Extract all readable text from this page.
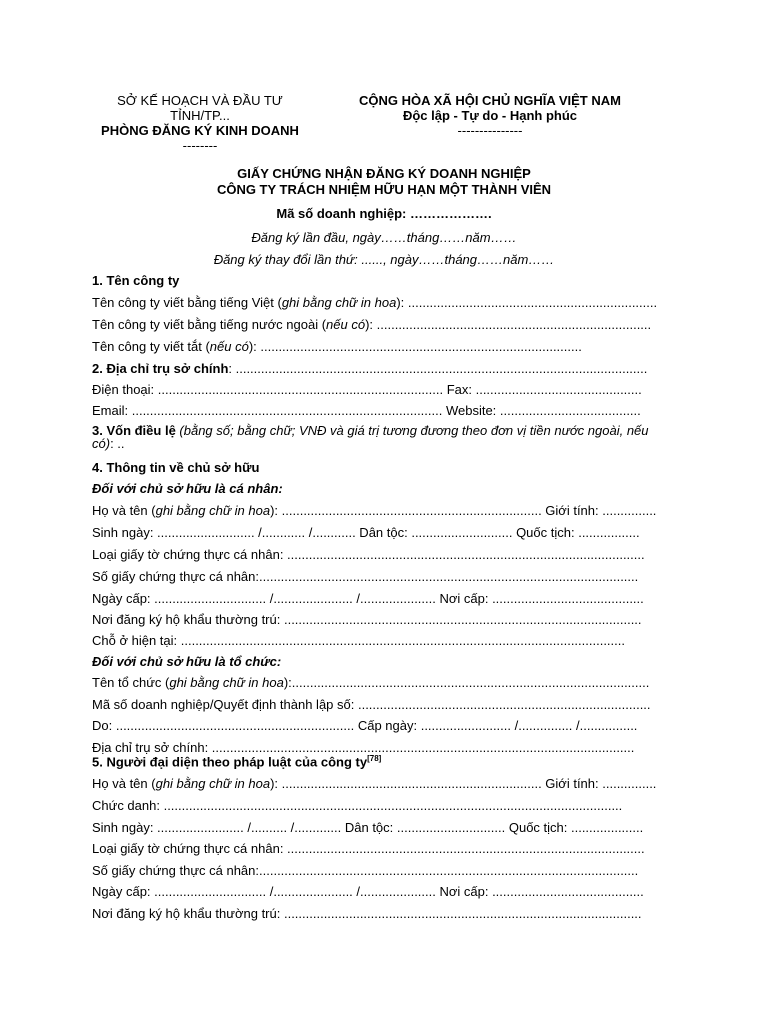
SỞ KẾ HOẠCH VÀ ĐẦU TƯ
TỈNH/TP...
PHÒNG ĐĂNG KÝ KINH DOANH
--------
CỘNG HÒA XÃ HỘI CHỦ NGHĨA VIỆT NAM
Độc lập - Tự do - Hạnh phúc
---------------
GIẤY CHỨNG NHẬN ĐĂNG KÝ DOANH NGHIỆP
CÔNG TY TRÁCH NHIỆM HỮU HẠN MỘT THÀNH VIÊN
Mã số doanh nghiệp: ……………….
Đăng ký lần đầu, ngày……tháng……năm……
Đăng ký thay đổi lần thứ: ......, ngày……tháng……năm……
1. Tên công ty
Tên công ty viết bằng tiếng Việt (ghi bằng chữ in hoa): .....................................................................
Tên công ty viết bằng tiếng nước ngoài (nếu có): ............................................................................
Tên công ty viết tắt (nếu có): .........................................................................................
2. Địa chỉ trụ sở chính: ..................................................................................................................
Điện thoại: ............................................................................... Fax: ..............................................
Email: ...................................................................................... Website: .......................................
3. Vốn điều lệ (bằng số; bằng chữ; VNĐ và giá trị tương đương theo đơn vị tiền nước ngoài, nếu có): ..
4. Thông tin về chủ sở hữu
Đối với chủ sở hữu là cá nhân:
Họ và tên (ghi bằng chữ in hoa): ........................................................................ Giới tính: ...............
Sinh ngày: ........................... /............ /............ Dân tộc: ............................ Quốc tịch: .................
Loại giấy tờ chứng thực cá nhân: ...................................................................................................
Số giấy chứng thực cá nhân:.........................................................................................................
Ngày cấp: ............................... /...................... /..................... Nơi cấp: ..........................................
Nơi đăng ký hộ khẩu thường trú: ...................................................................................................
Chỗ ở hiện tại: ...........................................................................................................................
Đối với chủ sở hữu là tổ chức:
Tên tổ chức (ghi bằng chữ in hoa):...................................................................................................
Mã số doanh nghiệp/Quyết định thành lập số: .................................................................................
Do: .................................................................. Cấp ngày: ......................... /............... /................
Địa chỉ trụ sở chính: .....................................................................................................................
5. Người đại diện theo pháp luật của công ty[78]
Họ và tên (ghi bằng chữ in hoa): ........................................................................ Giới tính: ...............
Chức danh: ...............................................................................................................................
Sinh ngày: ........................ /.......... /............. Dân tộc: .............................. Quốc tịch: ....................
Loại giấy tờ chứng thực cá nhân: ...................................................................................................
Số giấy chứng thực cá nhân:.........................................................................................................
Ngày cấp: ............................... /...................... /..................... Nơi cấp: ..........................................
Nơi đăng ký hộ khẩu thường trú: ...................................................................................................
